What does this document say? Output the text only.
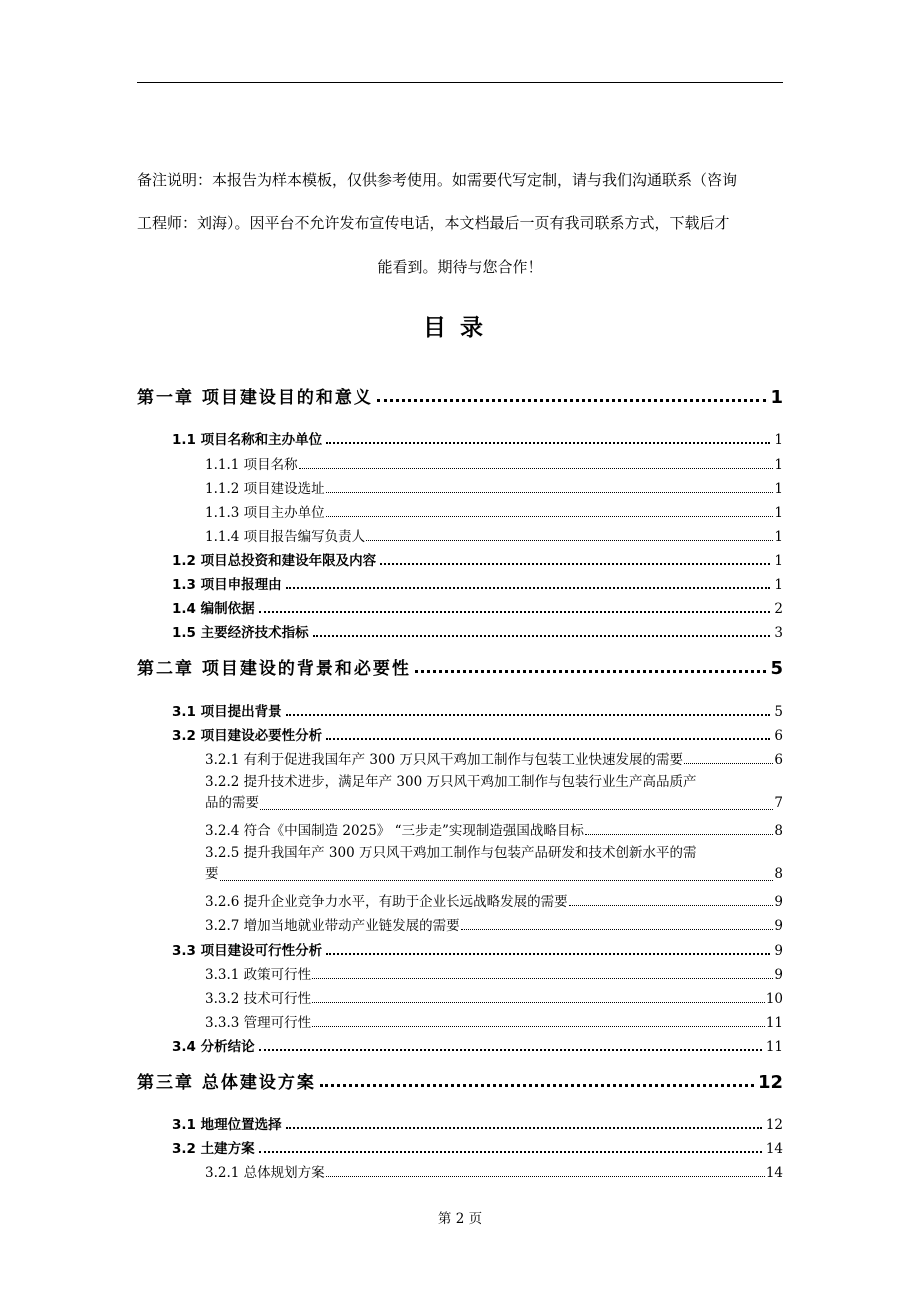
备注说明：本报告为样本模板，仅供参考使用。如需要代写定制，请与我们沟通联系（咨询
工程师：刘海）。因平台不允许发布宣传电话，本文档最后一页有我司联系方式，下载后才
能看到。期待与您合作！
目录
第一章 项目建设目的和意义	1
1.1 项目名称和主办单位	1
1.1.1 项目名称	1
1.1.2 项目建设选址	1
1.1.3 项目主办单位	1
1.1.4 项目报告编写负责人	1
1.2 项目总投资和建设年限及内容	1
1.3 项目申报理由	1
1.4 编制依据	2
1.5 主要经济技术指标	3
第二章 项目建设的背景和必要性	5
3.1 项目提出背景	5
3.2 项目建设必要性分析	6
3.2.1 有利于促进我国年产 300 万只风干鸡加工制作与包装工业快速发展的需要	6
3.2.2 提升技术进步，满足年产 300 万只风干鸡加工制作与包装行业生产高品质产
品的需要	7
3.2.4 符合《中国制造 2025》 “三步走”实现制造强国战略目标	8
3.2.5 提升我国年产 300 万只风干鸡加工制作与包装产品研发和技术创新水平的需
要	8
3.2.6 提升企业竞争力水平，有助于企业长远战略发展的需要	9
3.2.7 增加当地就业带动产业链发展的需要	9
3.3 项目建设可行性分析	9
3.3.1 政策可行性	9
3.3.2 技术可行性	10
3.3.3 管理可行性	11
3.4 分析结论	11
第三章 总体建设方案	12
3.1 地理位置选择	12
3.2 土建方案	14
3.2.1 总体规划方案	14
第 2 页
